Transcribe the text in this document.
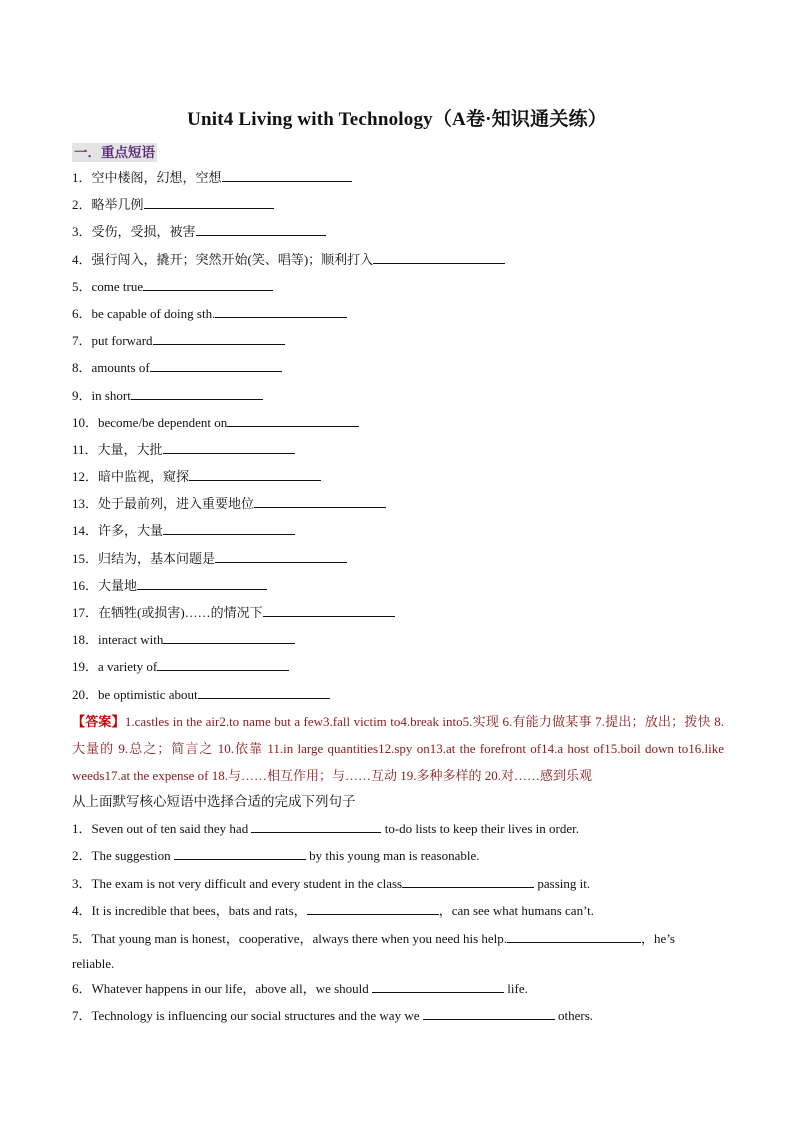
Unit4 Living with Technology（A卷·知识通关练）
一．重点短语
1．空中楼阁，幻想，空想
2．略举几例
3．受伤，受损，被害
4．强行闯入，撬开；突然开始(笑、唱等)；顺利打入
5．come true
6．be capable of doing sth.
7．put forward
8．amounts of
9．in short
10．become/be dependent on
11．大量，大批
12．暗中监视，窥探
13．处于最前列，进入重要地位
14．许多，大量
15．归结为，基本问题是
16．大量地
17．在牺牲(或损害)……的情况下
18．interact with
19．a variety of
20．be optimistic about
【答案】1.castles in the air2.to name but a few3.fall victim to4.break into5.实现 6.有能力做某事 7.提出；放出；拨快 8.大量的 9.总之；简言之 10.依靠 11.in large quantities12.spy on13.at the forefront of14.a host of15.boil down to16.like weeds17.at the expense of 18.与……相互作用；与……互动 19.多种多样的 20.对……感到乐观
从上面默写核心短语中选择合适的完成下列句子
1．Seven out of ten said they had	to-do lists to keep their lives in order.
2．The suggestion	by this young man is reasonable.
3．The exam is not very difficult and every student in the class	passing it.
4．It is incredible that bees，bats and rats，	，can see what humans can’t.
5．That young man is honest，cooperative，always there when you need his help.	，he’s
reliable.
6．Whatever happens in our life，above all，we should	life.
7．Technology is influencing our social structures and the way we	others.
